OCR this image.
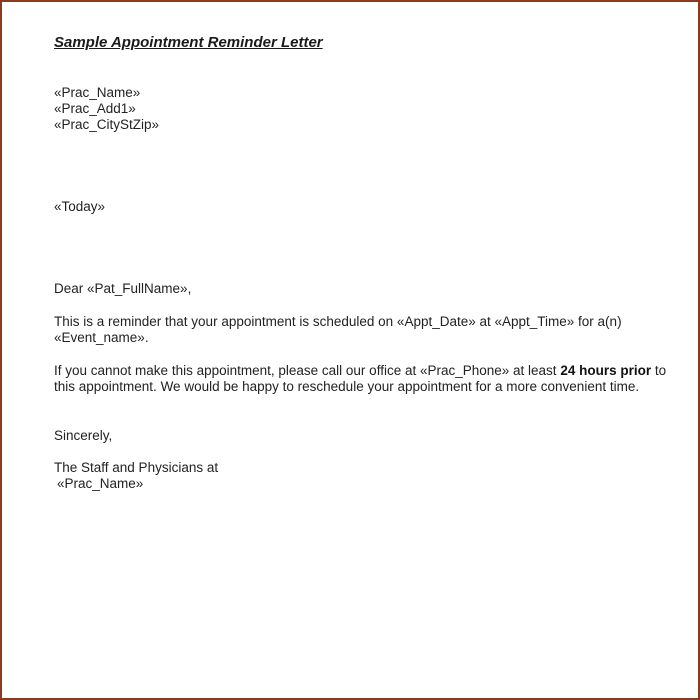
Sample Appointment Reminder Letter
«Prac_Name»
«Prac_Add1»
«Prac_CityStZip»
«Today»
Dear «Pat_FullName»,
This is a reminder that your appointment is scheduled on «Appt_Date» at «Appt_Time» for a(n)
«Event_name».
If you cannot make this appointment, please call our office at «Prac_Phone» at least 24 hours prior to
this appointment. We would be happy to reschedule your appointment for a more convenient time.
Sincerely,
The Staff and Physicians at
«Prac_Name»
